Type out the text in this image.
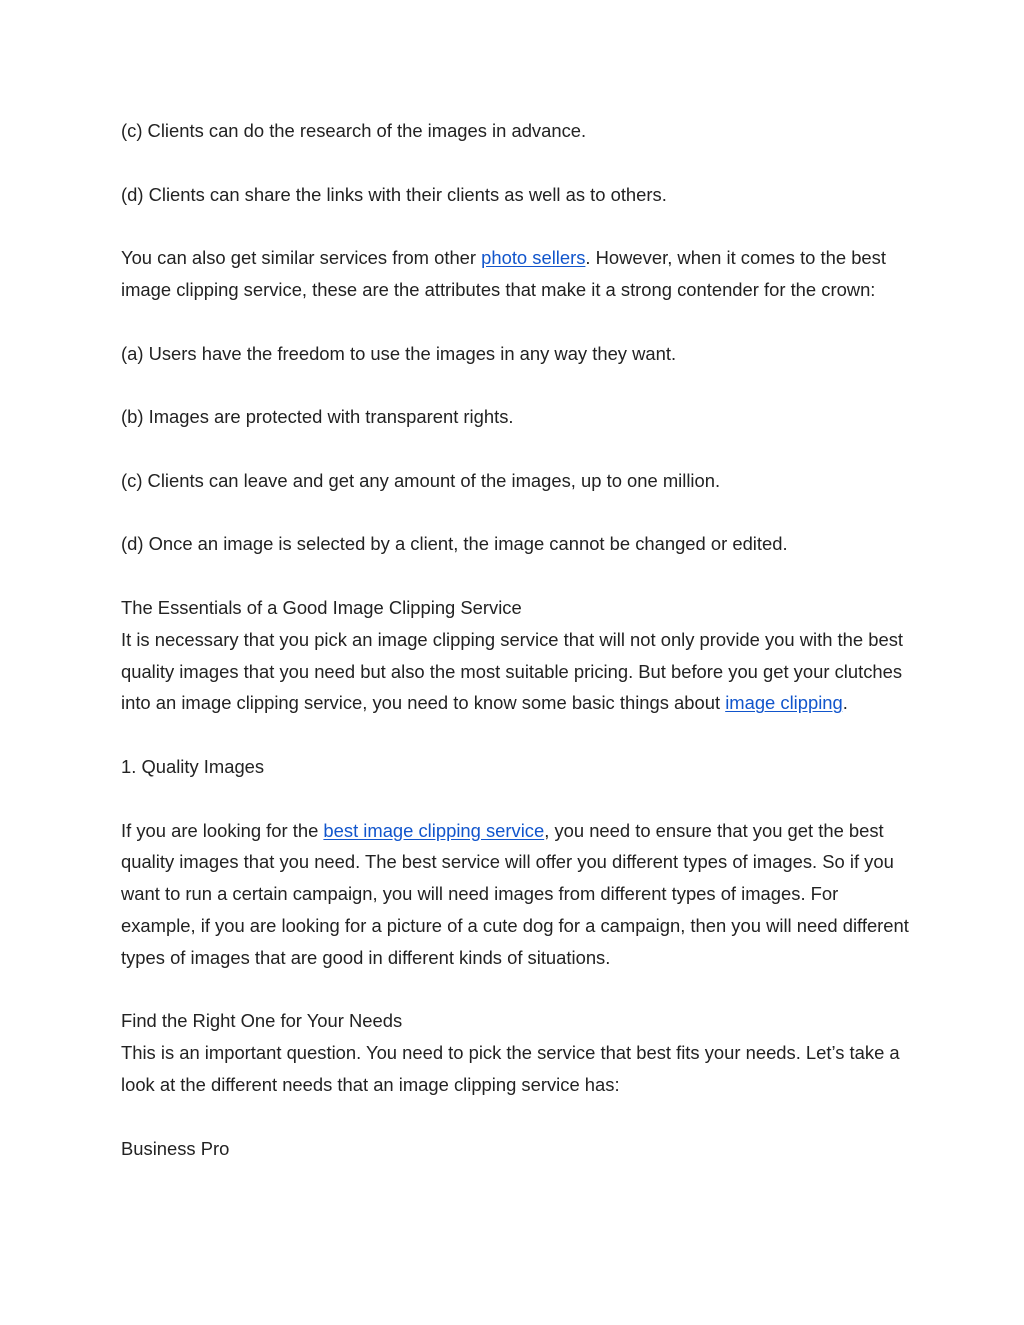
(c) Clients can do the research of the images in advance.

(d) Clients can share the links with their clients as well as to others.

You can also get similar services from other photo sellers. However, when it comes to the best image clipping service, these are the attributes that make it a strong contender for the crown:

(a) Users have the freedom to use the images in any way they want.

(b) Images are protected with transparent rights.

(c) Clients can leave and get any amount of the images, up to one million.

(d) Once an image is selected by a client, the image cannot be changed or edited.

The Essentials of a Good Image Clipping Service

It is necessary that you pick an image clipping service that will not only provide you with the best quality images that you need but also the most suitable pricing. But before you get your clutches into an image clipping service, you need to know some basic things about image clipping.

1. Quality Images

If you are looking for the best image clipping service, you need to ensure that you get the best quality images that you need. The best service will offer you different types of images. So if you want to run a certain campaign, you will need images from different types of images. For example, if you are looking for a picture of a cute dog for a campaign, then you will need different types of images that are good in different kinds of situations.

Find the Right One for Your Needs

This is an important question. You need to pick the service that best fits your needs. Let’s take a look at the different needs that an image clipping service has:

Business Pro
